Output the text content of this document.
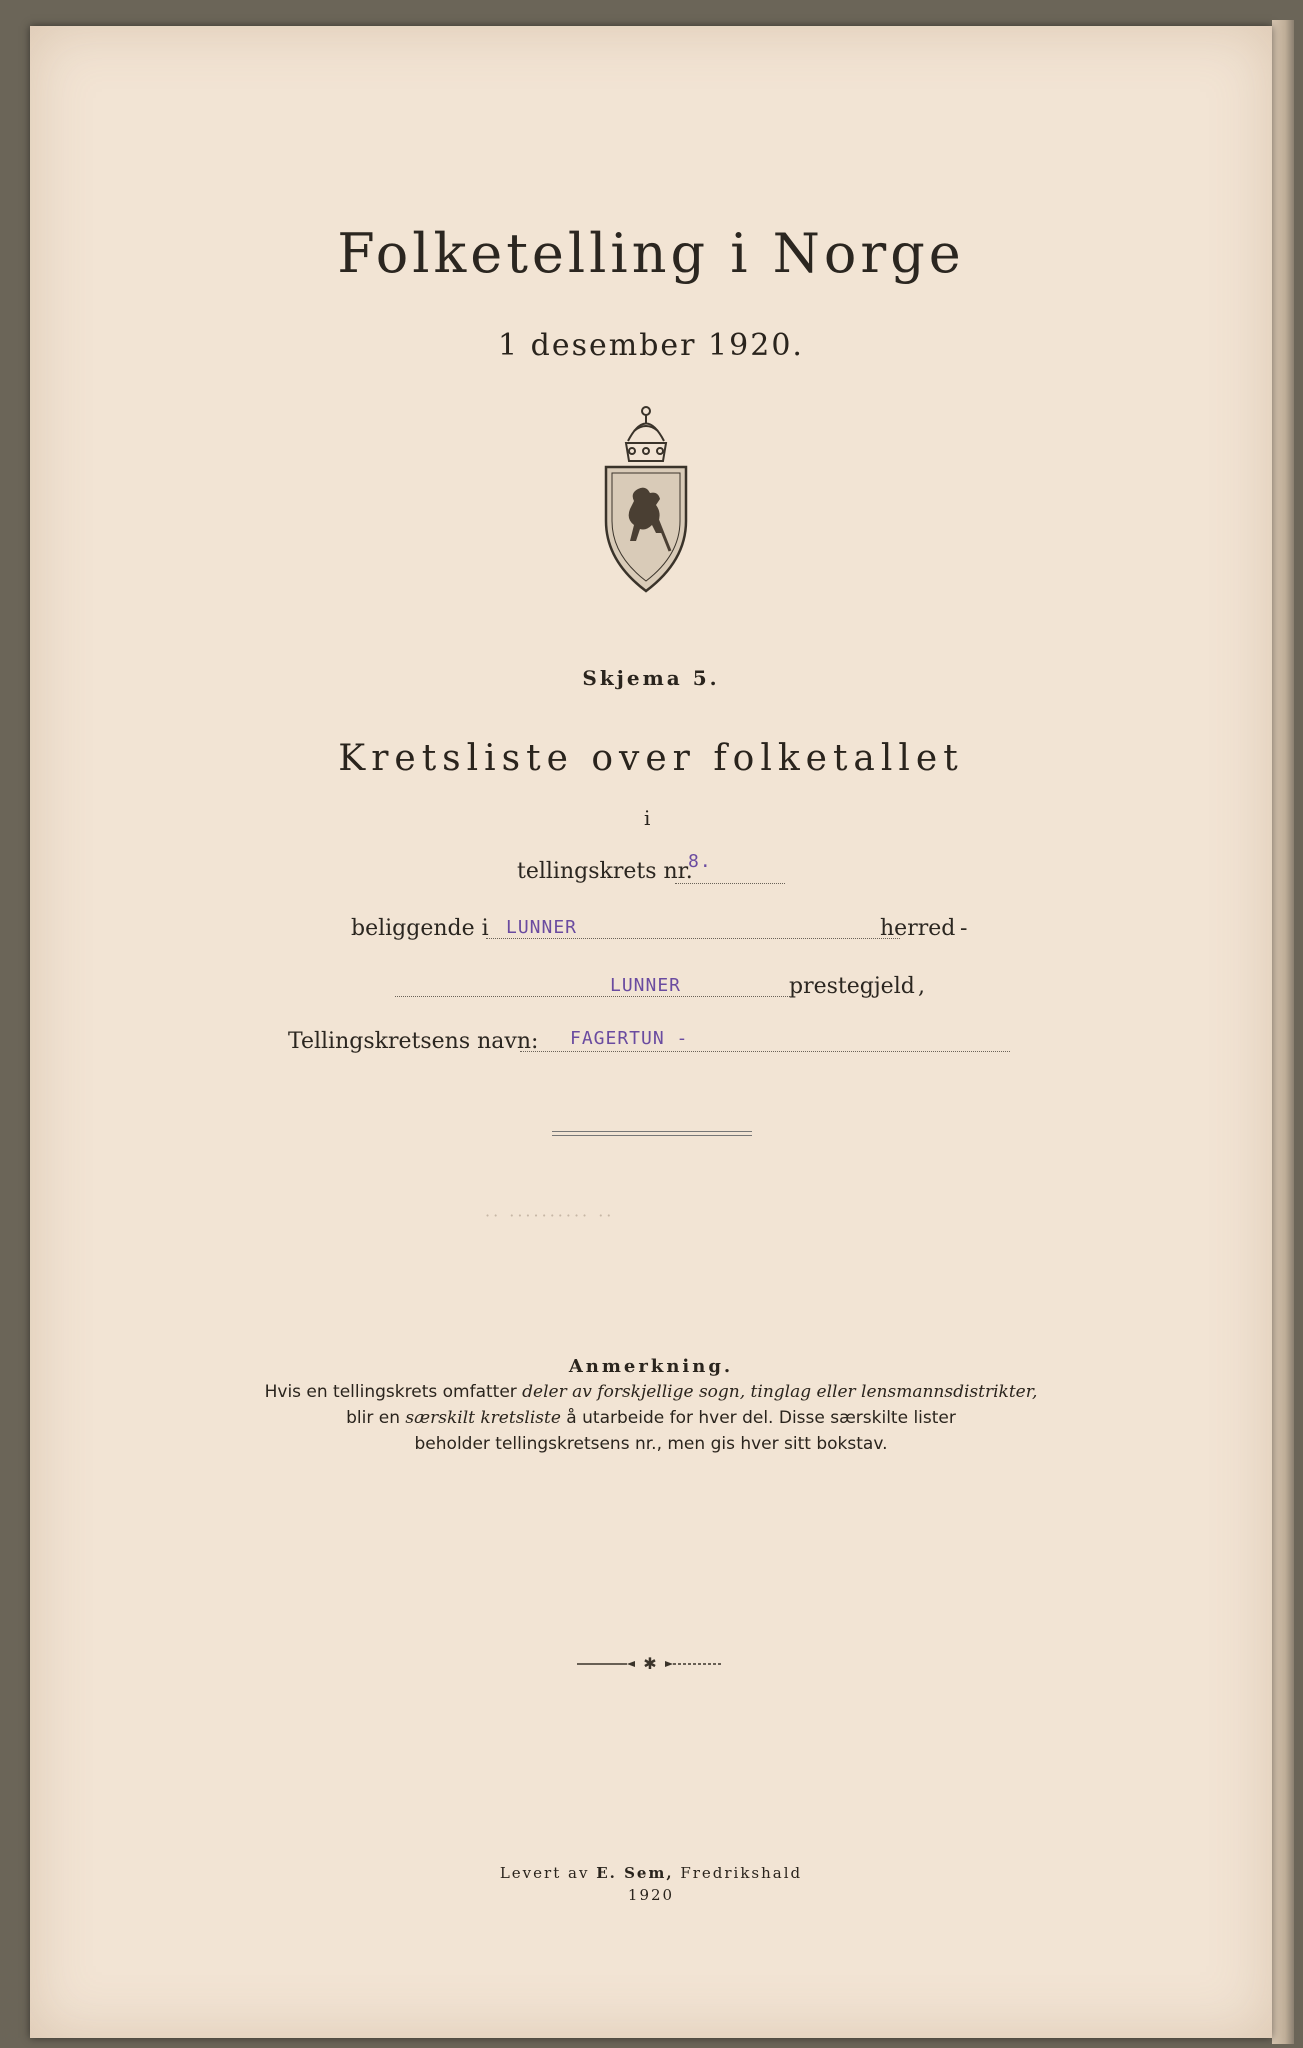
Folketelling i Norge
1 desember 1920.
Skjema 5.
Kretsliste over folketallet
i
tellingskrets nr.
8.
beliggende i LUNNER	herred -
LUNNER	prestegjeld ,
Tellingskretsens navn: FAGERTUN -
·· ·········· ··
Anmerkning.
Hvis en tellingskrets omfatter deler av forskjellige sogn, tinglag eller lensmannsdistrikter,
blir en særskilt kretsliste å utarbeide for hver del. Disse særskilte lister
beholder tellingskretsens nr., men gis hver sitt bokstav.
✱
Levert av E. Sem, Fredrikshald
1920
